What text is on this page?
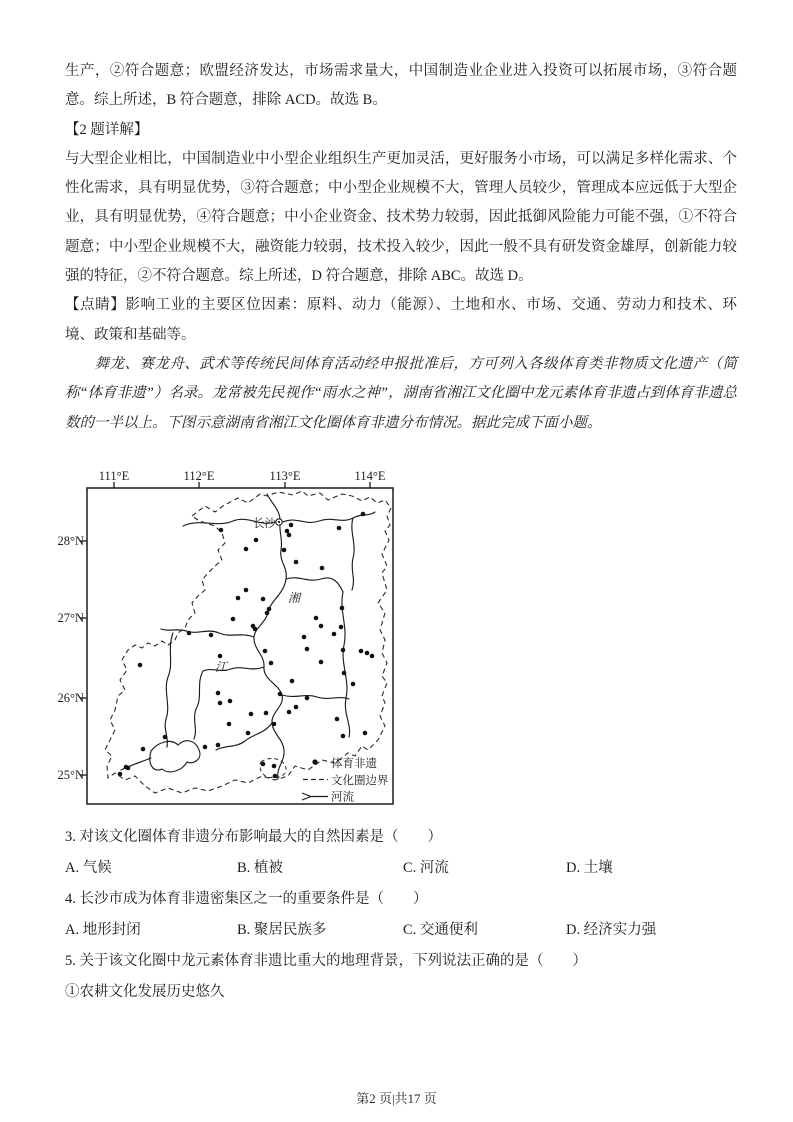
生产，②符合题意；欧盟经济发达，市场需求量大，中国制造业企业进入投资可以拓展市场，③符合题意。综上所述，B 符合题意，排除 ACD。故选 B。

【2 题详解】

与大型企业相比，中国制造业中小型企业组织生产更加灵活，更好服务小市场，可以满足多样化需求、个性化需求，具有明显优势，③符合题意；中小型企业规模不大，管理人员较少，管理成本应远低于大型企业，具有明显优势，④符合题意；中小企业资金、技术势力较弱，因此抵御风险能力可能不强，①不符合题意；中小型企业规模不大，融资能力较弱，技术投入较少，因此一般不具有研发资金雄厚，创新能力较强的特征，②不符合题意。综上所述，D 符合题意，排除 ABC。故选 D。

【点睛】影响工业的主要区位因素：原料、动力（能源）、土地和水、市场、交通、劳动力和技术、环境、政策和基础等。

舞龙、赛龙舟、武术等传统民间体育活动经申报批准后，方可列入各级体育类非物质文化遗产（简称“体育非遗”）名录。龙常被先民视作“雨水之神”，湖南省湘江文化圈中龙元素体育非遗占到体育非遗总数的一半以上。下图示意湖南省湘江文化圈体育非遗分布情况。据此完成下面小题。

111°E	112°E	113°E	114°E
28°N
27°N
26°N
25°N
长沙
湘
江
体育非遗
文化圈边界
河流
3. 对该文化圈体育非遗分布影响最大的自然因素是（　　）
A. 气候	B. 植被	C. 河流	D. 土壤
4. 长沙市成为体育非遗密集区之一的重要条件是（　　）
A. 地形封闭	B. 聚居民族多	C. 交通便利	D. 经济实力强
5. 关于该文化圈中龙元素体育非遗比重大的地理背景，下列说法正确的是（　　）
①农耕文化发展历史悠久
第2 页|共17 页
